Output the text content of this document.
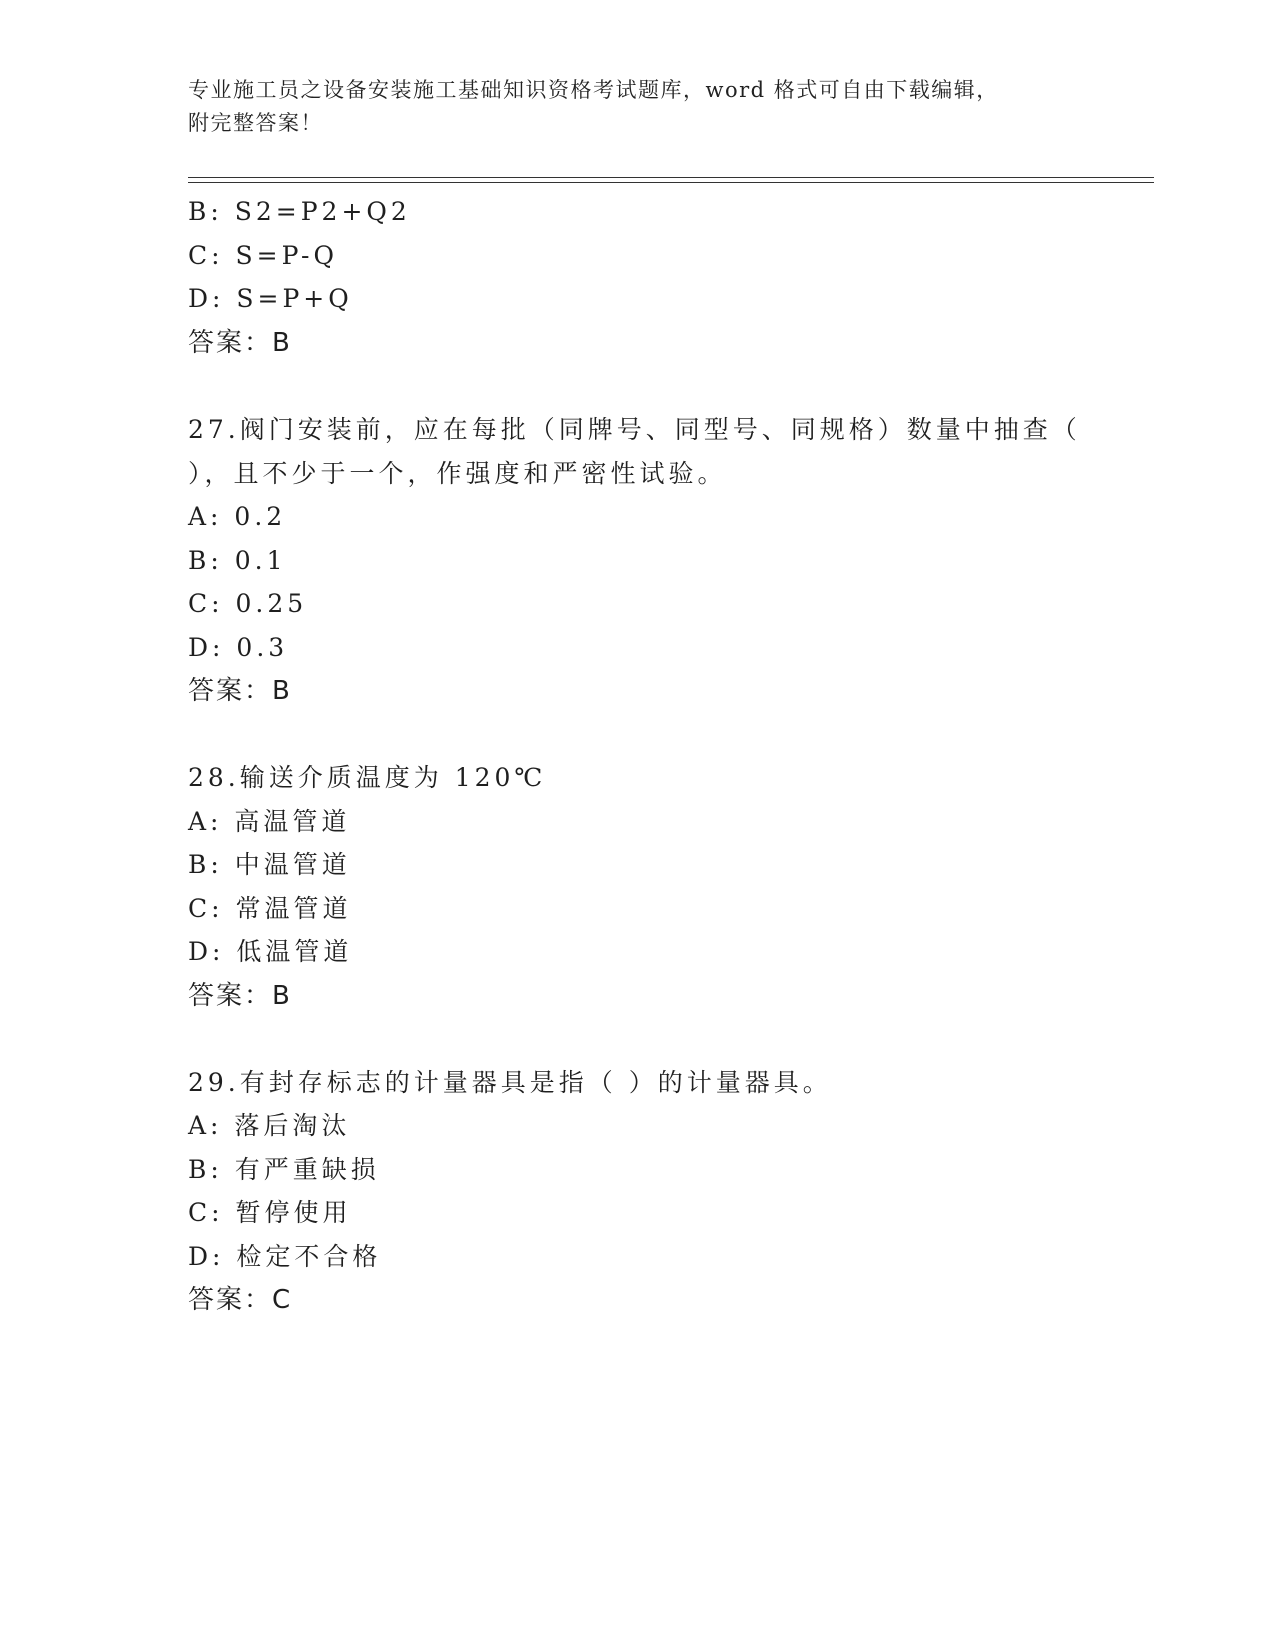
专业施工员之设备安装施工基础知识资格考试题库，word 格式可自由下载编辑，
附完整答案！
B: S2=P2+Q2
C: S=P-Q
D: S=P+Q
答案：B
27.阀门安装前，应在每批（同牌号、同型号、同规格）数量中抽查（
），且不少于一个，作强度和严密性试验。
A: 0.2
B: 0.1
C: 0.25
D: 0.3
答案：B
28.输送介质温度为 120℃
A: 高温管道
B: 中温管道
C: 常温管道
D: 低温管道
答案：B
29.有封存标志的计量器具是指（ ）的计量器具。
A: 落后淘汰
B: 有严重缺损
C: 暂停使用
D: 检定不合格
答案：C
